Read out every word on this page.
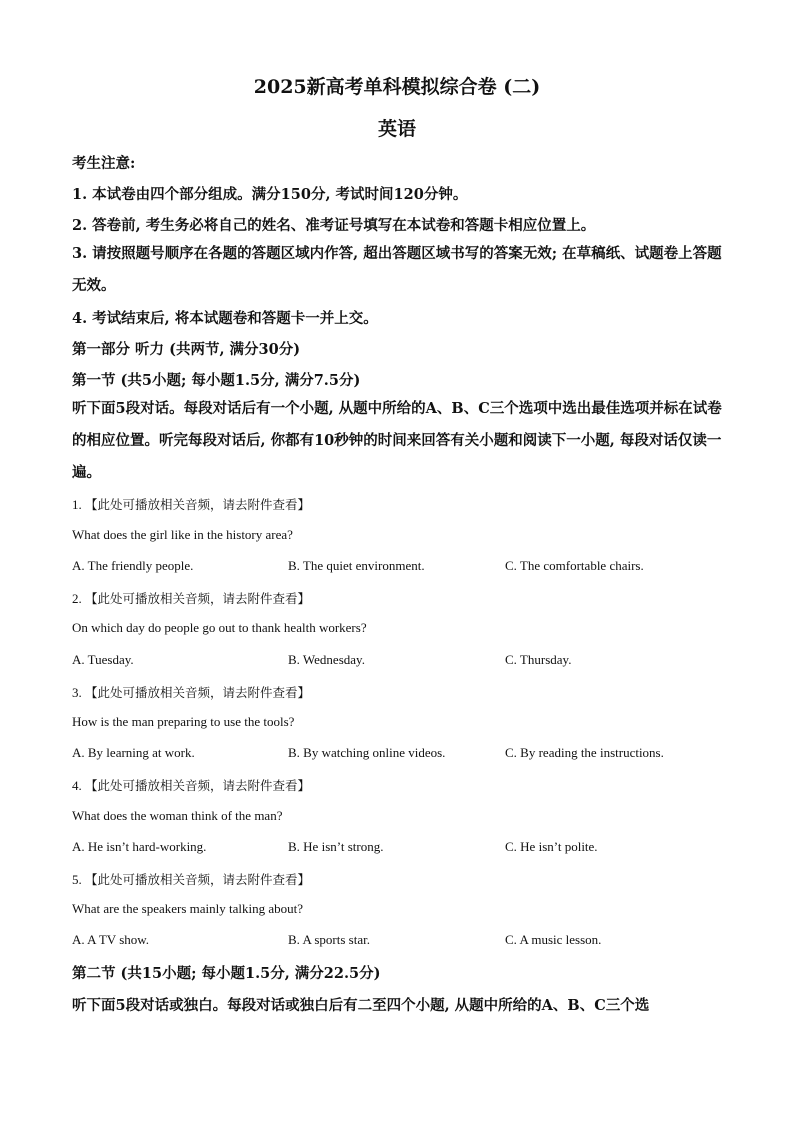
2025新高考单科模拟综合卷 (二)
英语
考生注意:
1. 本试卷由四个部分组成。满分150分, 考试时间120分钟。
2. 答卷前, 考生务必将自己的姓名、准考证号填写在本试卷和答题卡相应位置上。
3. 请按照题号顺序在各题的答题区域内作答, 超出答题区域书写的答案无效; 在草稿纸、试题卷上答题无效。
4. 考试结束后, 将本试题卷和答题卡一并上交。
第一部分 听力 (共两节, 满分30分)
第一节 (共5小题; 每小题1.5分, 满分7.5分)
听下面5段对话。每段对话后有一个小题, 从题中所给的A、B、C三个选项中选出最佳选项并标在试卷的相应位置。听完每段对话后, 你都有10秒钟的时间来回答有关小题和阅读下一小题, 每段对话仅读一遍。
1. 【此处可播放相关音频，请去附件查看】
What does the girl like in the history area?
A. The friendly people.	B. The quiet environment.	C. The comfortable chairs.
2. 【此处可播放相关音频，请去附件查看】
On which day do people go out to thank health workers?
A. Tuesday.	B. Wednesday.	C. Thursday.
3. 【此处可播放相关音频，请去附件查看】
How is the man preparing to use the tools?
A. By learning at work.	B. By watching online videos.	C. By reading the instructions.
4. 【此处可播放相关音频，请去附件查看】
What does the woman think of the man?
A. He isn’t hard-working.	B. He isn’t strong.	C. He isn’t polite.
5. 【此处可播放相关音频，请去附件查看】
What are the speakers mainly talking about?
A. A TV show.	B. A sports star.	C. A music lesson.
第二节 (共15小题; 每小题1.5分, 满分22.5分)
听下面5段对话或独白。每段对话或独白后有二至四个小题, 从题中所给的A、B、C三个选
